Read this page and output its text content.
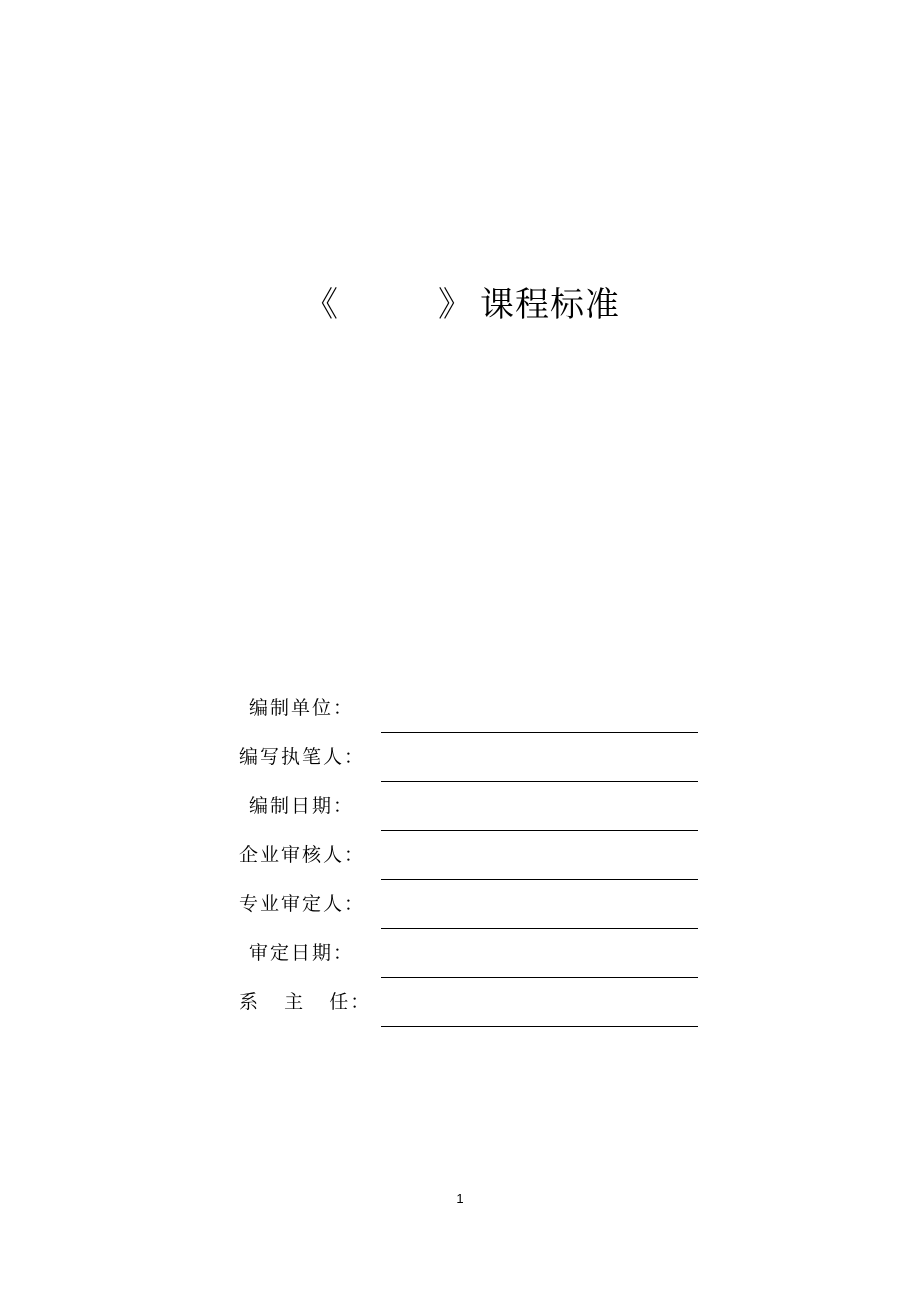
《	》 课程标准
编制单位：
编写执笔人：
编制日期：
企业审核人：
专业审定人：
审定日期：
系   主   任：
1
